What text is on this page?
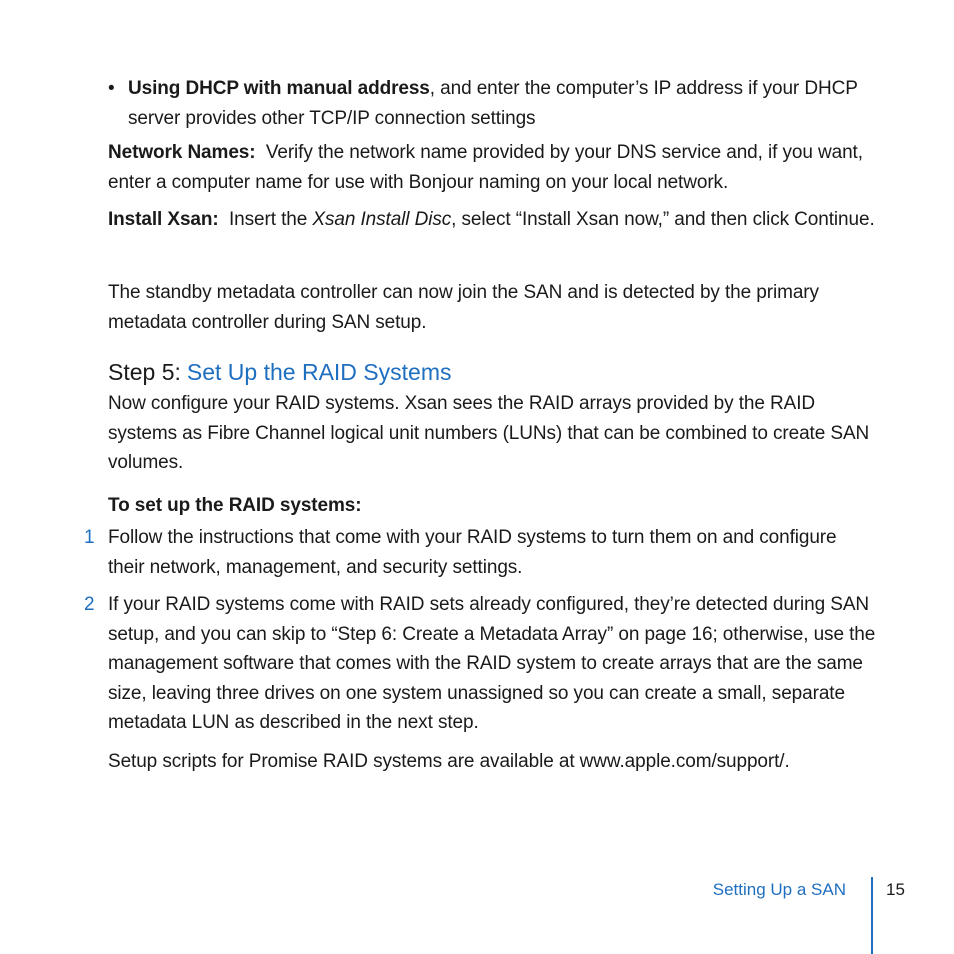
• Using DHCP with manual address, and enter the computer’s IP address if your DHCP server provides other TCP/IP connection settings

Network Names: Verify the network name provided by your DNS service and, if you want, enter a computer name for use with Bonjour naming on your local network.

Install Xsan: Insert the Xsan Install Disc, select “Install Xsan now,” and then click Continue.

The standby metadata controller can now join the SAN and is detected by the primary metadata controller during SAN setup.

Step 5: Set Up the RAID Systems

Now configure your RAID systems. Xsan sees the RAID arrays provided by the RAID systems as Fibre Channel logical unit numbers (LUNs) that can be combined to create SAN volumes.

To set up the RAID systems:

1 Follow the instructions that come with your RAID systems to turn them on and configure their network, management, and security settings.

2 If your RAID systems come with RAID sets already configured, they’re detected during SAN setup, and you can skip to “Step 6: Create a Metadata Array” on page 16; otherwise, use the management software that comes with the RAID system to create arrays that are the same size, leaving three drives on one system unassigned so you can create a small, separate metadata LUN as described in the next step.

Setup scripts for Promise RAID systems are available at www.apple.com/support/.

Setting Up a SAN 15
